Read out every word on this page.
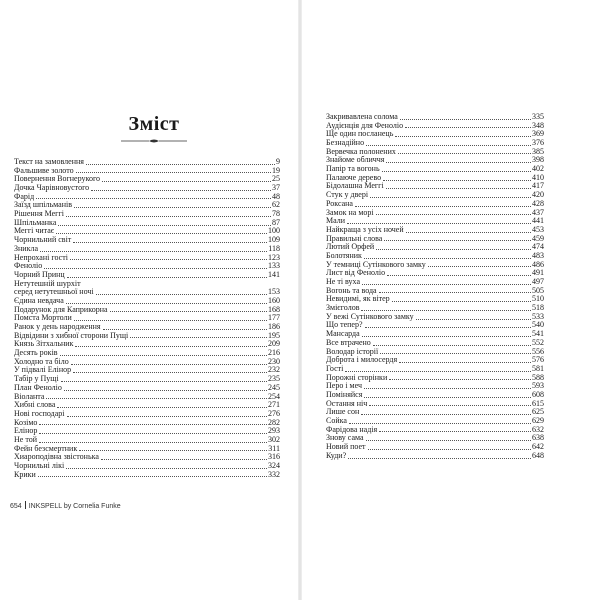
Зміст
Текст на замовлення	9
Фальшиве золото	19
Повернення Вогнерукого	25
Дочка Чарівновустого	37
Фарід	48
Заїзд шпільманів	62
Рішення Меггі	78
Шпільманка	87
Меггі читає	100
Чорнильний світ	109
Зникла	118
Непрохані гості	123
Феноліо	133
Чорний Принц	141
Нетутешній шурхіт
серед нетутешньої ночі	153
Єдина невдача	160
Подарунок для Каприкорна	168
Помста Мортоли	177
Ранок у день народження	186
Відвідини з хибної сторони Пущі	195
Князь Зітхальник	209
Десять років	216
Холодно та біло	230
У підвалі Елінор	232
Табір у Пущі	235
План Феноліо	245
Віоланта	254
Хибні слова	271
Нові господарі	276
Козімо	282
Елінор	293
Не той	302
Фейн безсмертник	311
Хиароподівна звістонька	316
Чорнильні лікі	324
Крики	332
Закривавлена солома	335
Аудієнція для Феноліо	348
Ще один посланець	369
Безнадійно	376
Вервечка полонених	385
Знайоме обличчя	398
Папір та вогонь	402
Палаюче дерево	410
Бідолашна Меггі	417
Стук у двері	420
Роксана	428
Замок на морі	437
Мали	441
Найкраща з усіх ночей	453
Правильні слова	459
Лютий Орфей	474
Болотяник	483
У темниці Сутінкового замку	486
Лист від Феноліо	491
Не ті вуха	497
Вогонь та вода	505
Невидимі, як вітер	510
Змієголов	518
У вежі Сутінкового замку	533
Що тепер?	540
Мансарда	541
Все втрачено	552
Володар історії	556
Доброта і милосердя	576
Гості	581
Порожні сторінки	588
Перо і меч	593
Поміняйся	608
Остання ніч	615
Лише сон	625
Сойка	629
Фарідова надія	632
Знову сама	638
Новий поет	642
Куди?	648
654 INKSPELL by Cornelia Funke
